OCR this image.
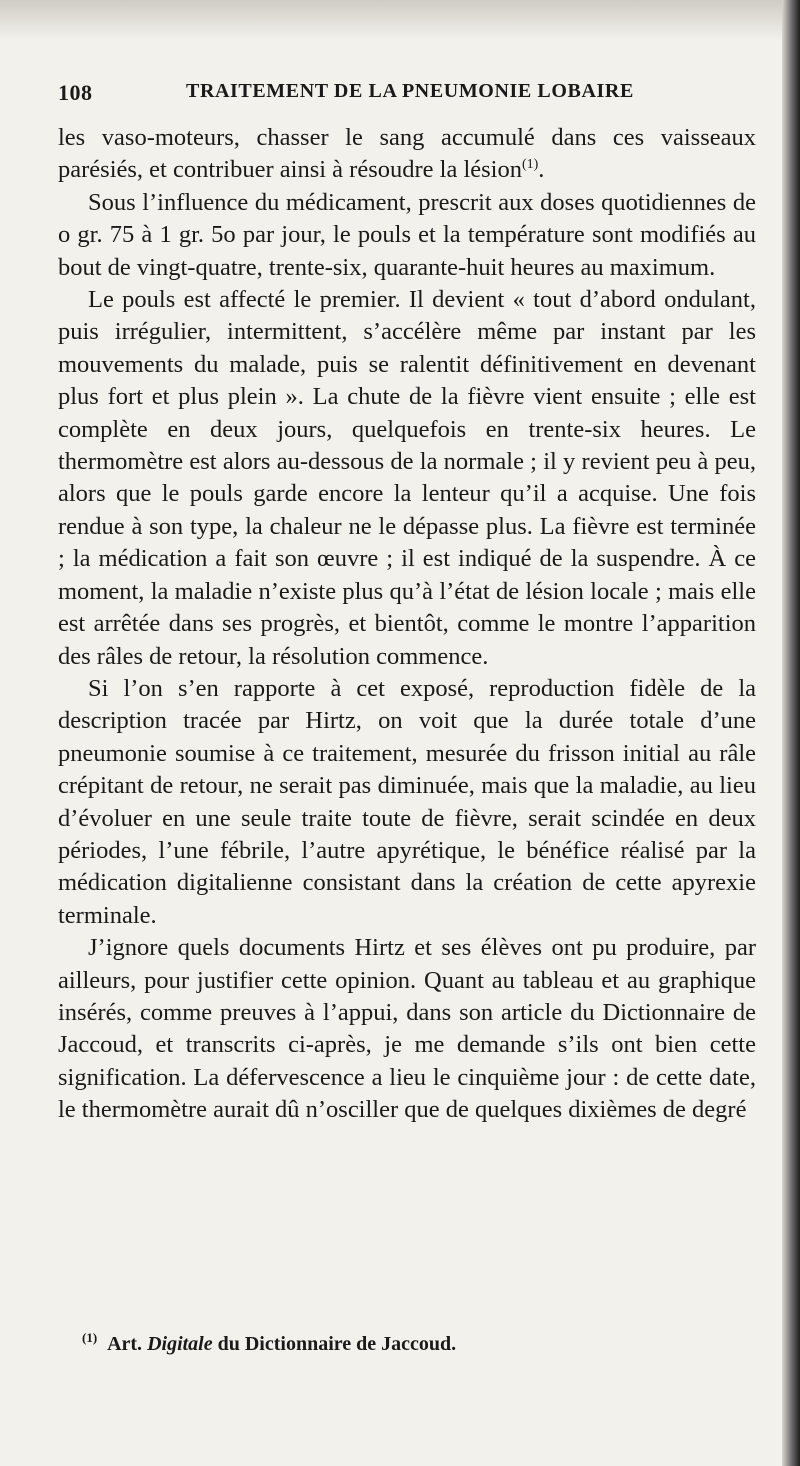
108	TRAITEMENT DE LA PNEUMONIE LOBAIRE

les vaso-moteurs, chasser le sang accumulé dans ces vaisseaux parésiés, et contribuer ainsi à résoudre la lésion$^{(1)}$.

Sous l’influence du médicament, prescrit aux doses quotidiennes de o gr. 75 à 1 gr. 5o par jour, le pouls et la température sont modifiés au bout de vingt-quatre, trente-six, quarante-huit heures au maximum.

Le pouls est affecté le premier. Il devient « tout d’abord ondulant, puis irrégulier, intermittent, s’accélère même par instant par les mouvements du malade, puis se ralentit définitivement en devenant plus fort et plus plein ». La chute de la fièvre vient ensuite ; elle est complète en deux jours, quelquefois en trente-six heures. Le thermomètre est alors au-dessous de la normale ; il y revient peu à peu, alors que le pouls garde encore la lenteur qu’il a acquise. Une fois rendue à son type, la chaleur ne le dépasse plus. La fièvre est terminée ; la médication a fait son œuvre ; il est indiqué de la suspendre. À ce moment, la maladie n’existe plus qu’à l’état de lésion locale ; mais elle est arrêtée dans ses progrès, et bientôt, comme le montre l’apparition des râles de retour, la résolution commence.

Si l’on s’en rapporte à cet exposé, reproduction fidèle de la description tracée par Hirtz, on voit que la durée totale d’une pneumonie soumise à ce traitement, mesurée du frisson initial au râle crépitant de retour, ne serait pas diminuée, mais que la maladie, au lieu d’évoluer en une seule traite toute de fièvre, serait scindée en deux périodes, l’une fébrile, l’autre apyrétique, le bénéfice réalisé par la médication digitalienne consistant dans la création de cette apyrexie terminale.

J’ignore quels documents Hirtz et ses élèves ont pu produire, par ailleurs, pour justifier cette opinion. Quant au tableau et au graphique insérés, comme preuves à l’appui, dans son article du Dictionnaire de Jaccoud, et transcrits ci-après, je me demande s’ils ont bien cette signification. La défervescence a lieu le cinquième jour : de cette date, le thermomètre aurait dû n’osciller que de quelques dixièmes de degré

$^{(1)}$ Art. Digitale du Dictionnaire de Jaccoud.
